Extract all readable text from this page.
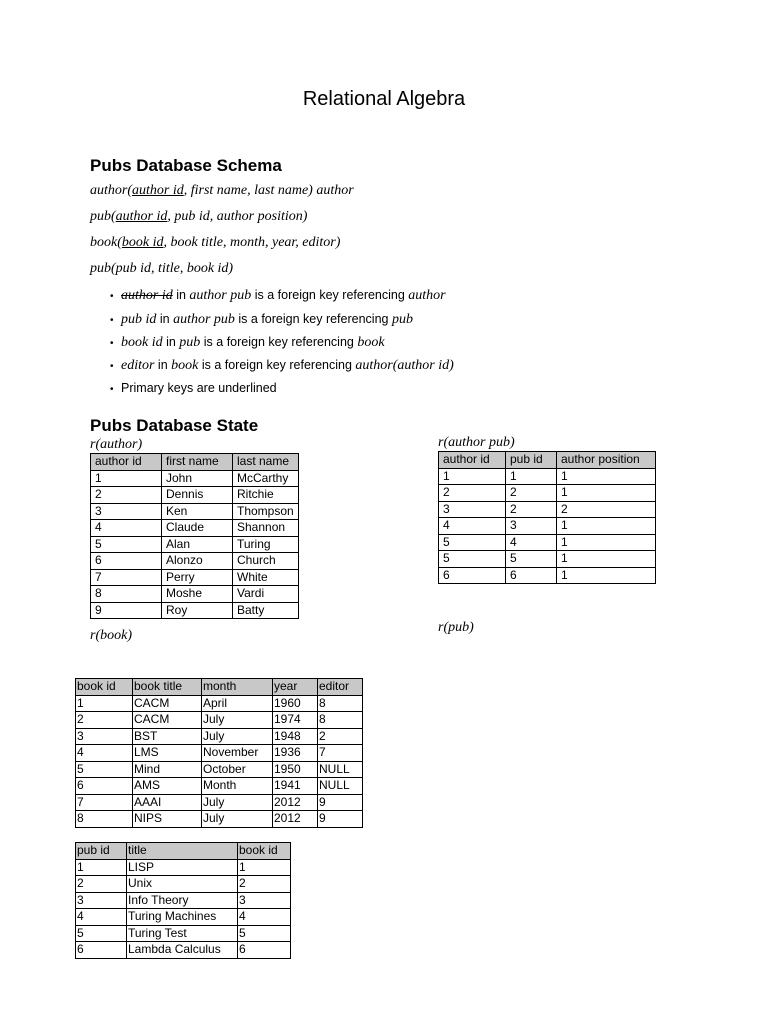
Relational Algebra
Pubs Database Schema
author(author id, first name, last name) author
pub(author id, pub id, author position)
book(book id, book title, month, year, editor)
pub(pub id, title, book id)
• author id in author pub is a foreign key referencing author
• pub id in author pub is a foreign key referencing pub
• book id in pub is a foreign key referencing book
• editor in book is a foreign key referencing author(author id)
• Primary keys are underlined
Pubs Database State
r(author)
author id	first name	last name
1	John	McCarthy
2	Dennis	Ritchie
3	Ken	Thompson
4	Claude	Shannon
5	Alan	Turing
6	Alonzo	Church
7	Perry	White
8	Moshe	Vardi
9	Roy	Batty
r(author pub)
author id	pub id	author position
1	1	1
2	2	1
3	2	2
4	3	1
5	4	1
5	5	1
6	6	1
r(book)
r(pub)
book id	book title	month	year	editor
1	CACM	April	1960	8
2	CACM	July	1974	8
3	BST	July	1948	2
4	LMS	November	1936	7
5	Mind	October	1950	NULL
6	AMS	Month	1941	NULL
7	AAAI	July	2012	9
8	NIPS	July	2012	9
pub id	title	book id
1	LISP	1
2	Unix	2
3	Info Theory	3
4	Turing Machines	4
5	Turing Test	5
6	Lambda Calculus	6
